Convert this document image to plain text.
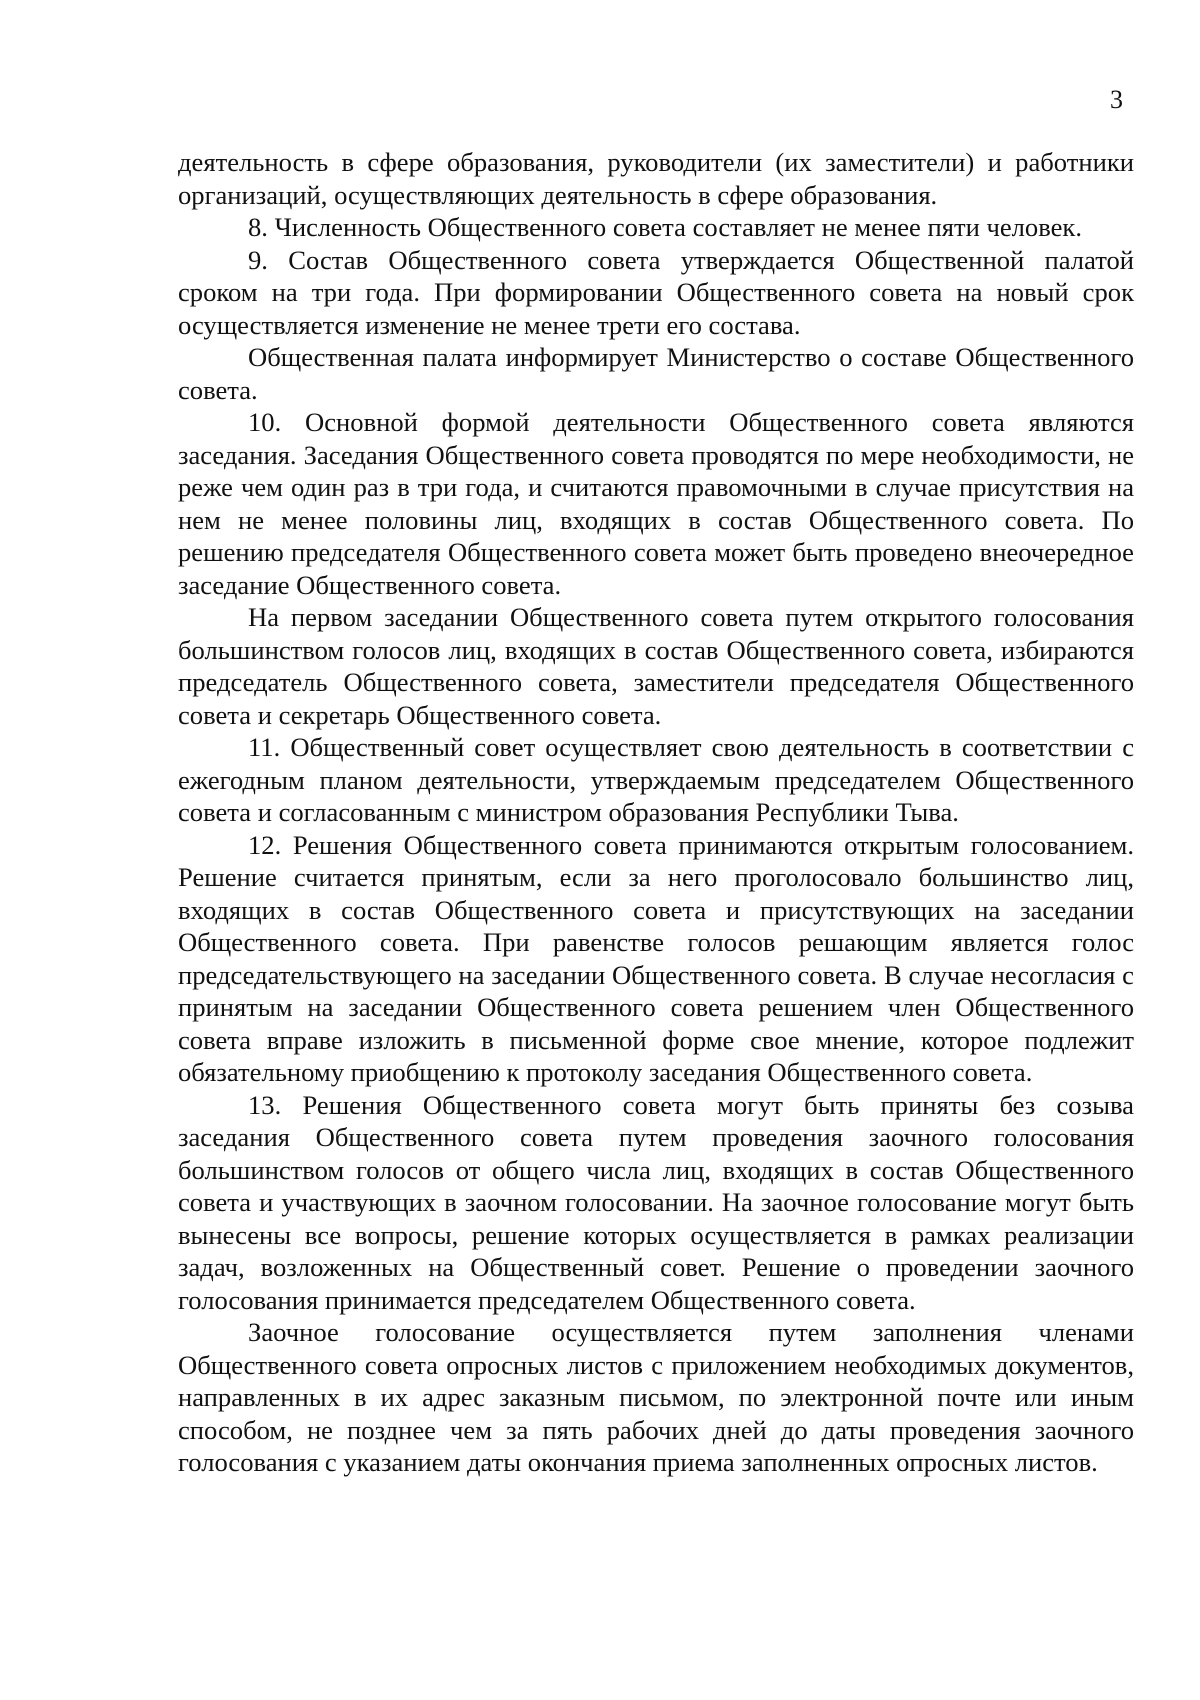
3

деятельность в сфере образования, руководители (их заместители) и работники организаций, осуществляющих деятельность в сфере образования.

8. Численность Общественного совета составляет не менее пяти человек.

9. Состав Общественного совета утверждается Общественной палатой сроком на три года. При формировании Общественного совета на новый срок осуществляется изменение не менее трети его состава.

Общественная палата информирует Министерство о составе Общественного совета.

10. Основной формой деятельности Общественного совета являются заседания. Заседания Общественного совета проводятся по мере необходимости, не реже чем один раз в три года, и считаются правомочными в случае присутствия на нем не менее половины лиц, входящих в состав Общественного совета. По решению председателя Общественного совета может быть проведено внеочередное заседание Общественного совета.

На первом заседании Общественного совета путем открытого голосования большинством голосов лиц, входящих в состав Общественного совета, избираются председатель Общественного совета, заместители председателя Общественного совета и секретарь Общественного совета.

11. Общественный совет осуществляет свою деятельность в соответствии с ежегодным планом деятельности, утверждаемым председателем Общественного совета и согласованным с министром образования Республики Тыва.

12. Решения Общественного совета принимаются открытым голосованием. Решение считается принятым, если за него проголосовало большинство лиц, входящих в состав Общественного совета и присутствующих на заседании Общественного совета. При равенстве голосов решающим является голос председательствующего на заседании Общественного совета. В случае несогласия с принятым на заседании Общественного совета решением член Общественного совета вправе изложить в письменной форме свое мнение, которое подлежит обязательному приобщению к протоколу заседания Общественного совета.

13. Решения Общественного совета могут быть приняты без созыва заседания Общественного совета путем проведения заочного голосования большинством голосов от общего числа лиц, входящих в состав Общественного совета и участвующих в заочном голосовании. На заочное голосование могут быть вынесены все вопросы, решение которых осуществляется в рамках реализации задач, возложенных на Общественный совет. Решение о проведении заочного голосования принимается председателем Общественного совета.

Заочное голосование осуществляется путем заполнения членами Общественного совета опросных листов с приложением необходимых документов, направленных в их адрес заказным письмом, по электронной почте или иным способом, не позднее чем за пять рабочих дней до даты проведения заочного голосования с указанием даты окончания приема заполненных опросных листов.
